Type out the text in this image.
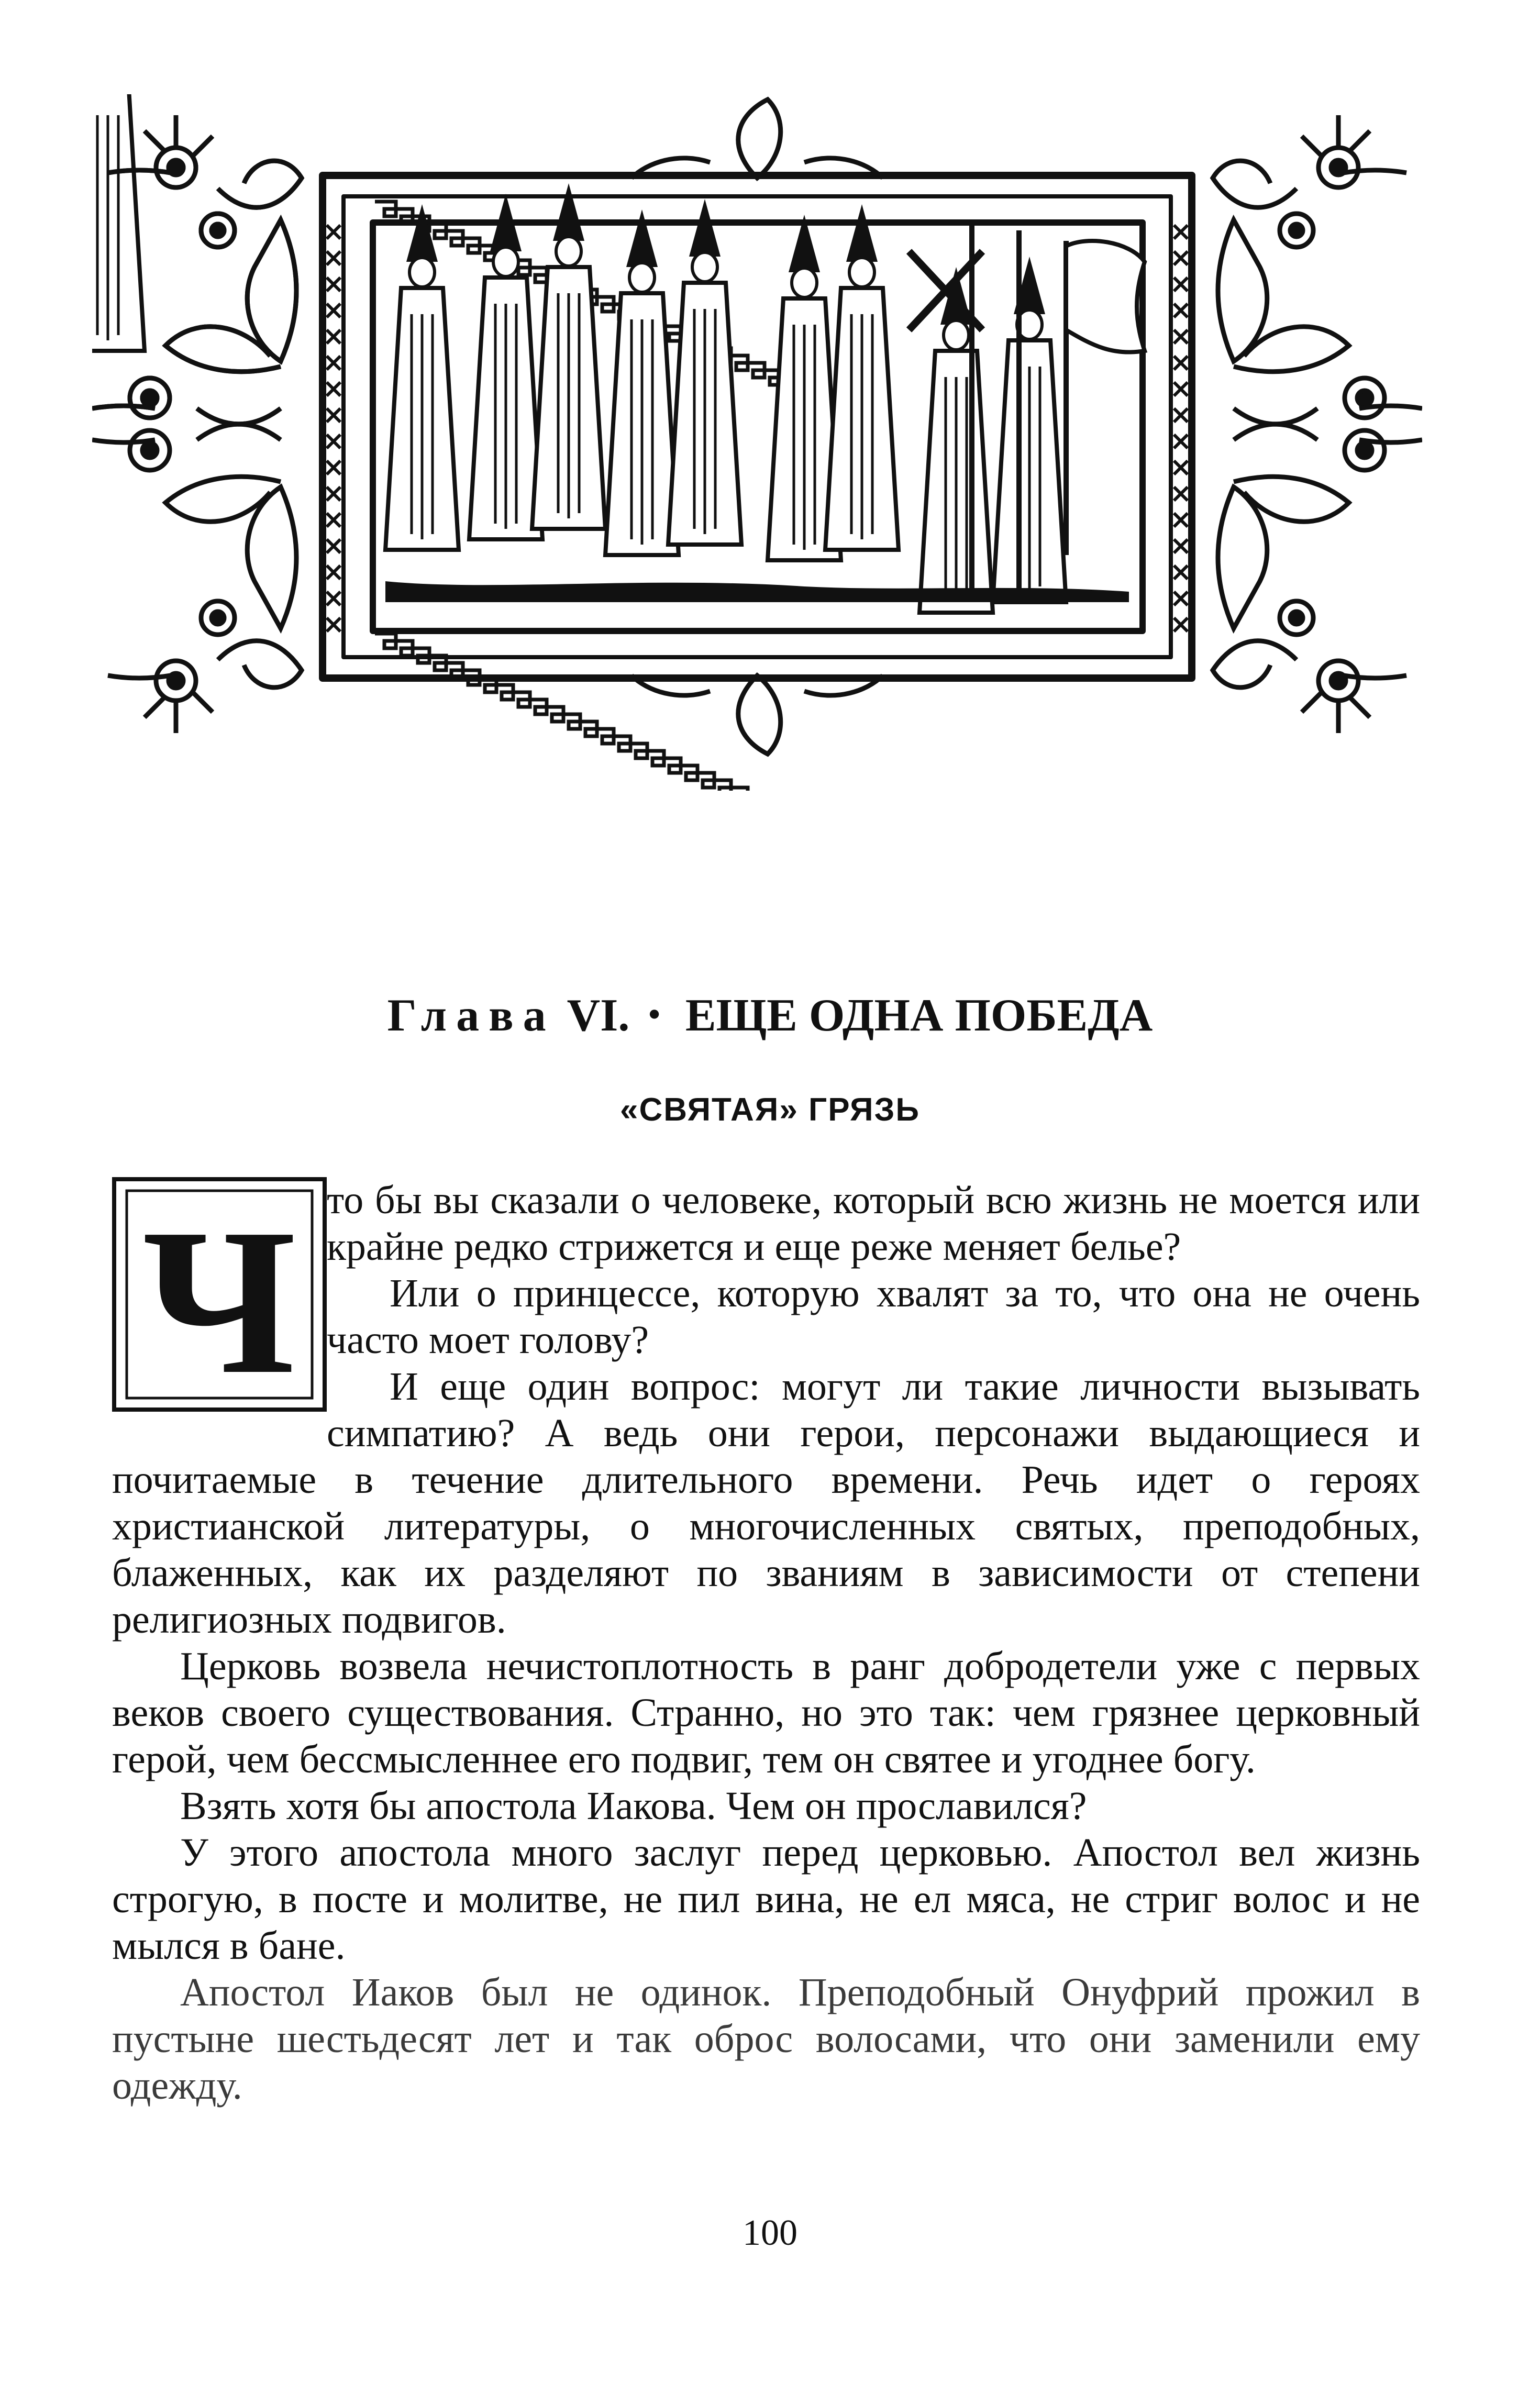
Глава VI. • ЕЩЕ ОДНА ПОБЕДА
«СВЯТАЯ» ГРЯЗЬ
Ч то бы вы сказали о человеке, который всю жизнь не моется или крайне редко стрижется и еще реже меняет белье?

Или о принцессе, которую хвалят за то, что она не очень часто моет голову?

И еще один вопрос: могут ли такие личности вызывать симпатию? А ведь они герои, персонажи выдающиеся и почитаемые в течение длительного времени. Речь идет о героях христианской литературы, о многочисленных святых, преподобных, блаженных, как их разделяют по званиям в зависимости от степени религиозных подвигов.

Церковь возвела нечистоплотность в ранг добродетели уже с первых веков своего существования. Странно, но это так: чем грязнее церковный герой, чем бессмысленнее его подвиг, тем он святее и угоднее богу.

Взять хотя бы апостола Иакова. Чем он прославился?

У этого апостола много заслуг перед церковью. Апостол вел жизнь строгую, в посте и молитве, не пил вина, не ел мяса, не стриг волос и не мылся в бане.

Апостол Иаков был не одинок. Преподобный Онуфрий прожил в пустыне шестьдесят лет и так оброс волосами, что они заменили ему одежду.

100
